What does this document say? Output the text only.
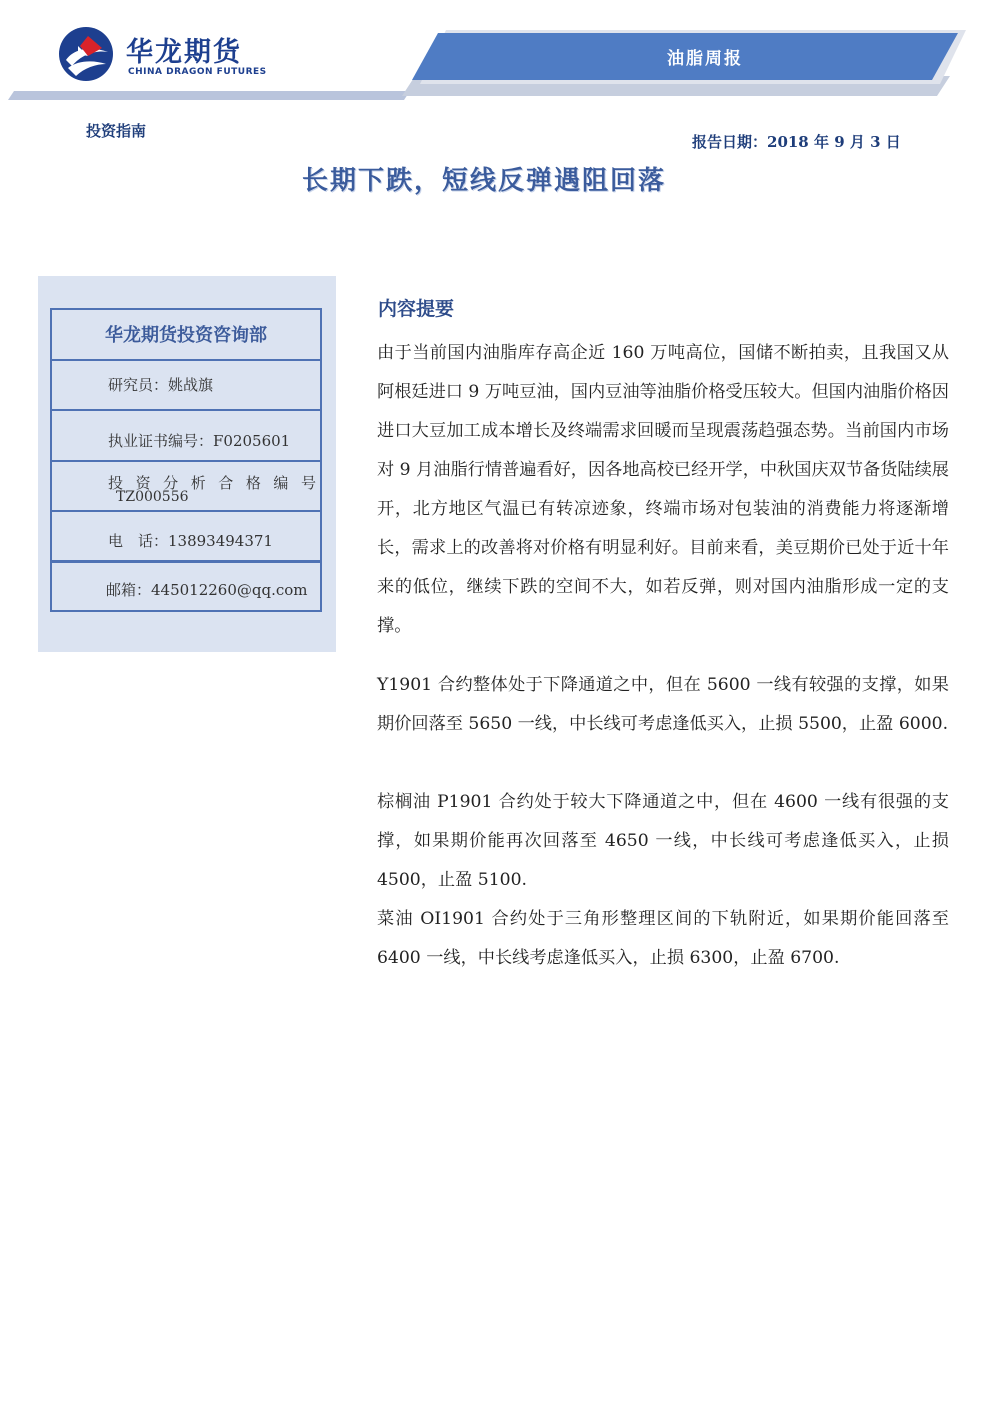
华龙期货
CHINA DRAGON FUTURES
油脂周报
投资指南
报告日期：2018 年 9 月 3 日
长期下跌，短线反弹遇阻回落
华龙期货投资咨询部
研究员：姚战旗
执业证书编号：F0205601
投 资 分 析 合 格 编 号
TZ000556
电　话：13893494371
邮箱：445012260@qq.com
内容提要

由于当前国内油脂库存高企近 160 万吨高位，国储不断拍卖，且我国又从阿根廷进口 9 万吨豆油，国内豆油等油脂价格受压较大。但国内油脂价格因进口大豆加工成本增长及终端需求回暖而呈现震荡趋强态势。当前国内市场对 9 月油脂行情普遍看好，因各地高校已经开学，中秋国庆双节备货陆续展开，北方地区气温已有转凉迹象，终端市场对包装油的消费能力将逐渐增长，需求上的改善将对价格有明显利好。目前来看，美豆期价已处于近十年来的低位，继续下跌的空间不大，如若反弹，则对国内油脂形成一定的支撑。

Y1901 合约整体处于下降通道之中，但在 5600 一线有较强的支撑，如果期价回落至 5650 一线，中长线可考虑逢低买入，止损 5500，止盈 6000.

棕榈油 P1901 合约处于较大下降通道之中，但在 4600 一线有很强的支撑，如果期价能再次回落至 4650 一线，中长线可考虑逢低买入，止损 4500，止盈 5100.

菜油 OI1901 合约处于三角形整理区间的下轨附近，如果期价能回落至 6400 一线，中长线考虑逢低买入，止损 6300，止盈 6700.
